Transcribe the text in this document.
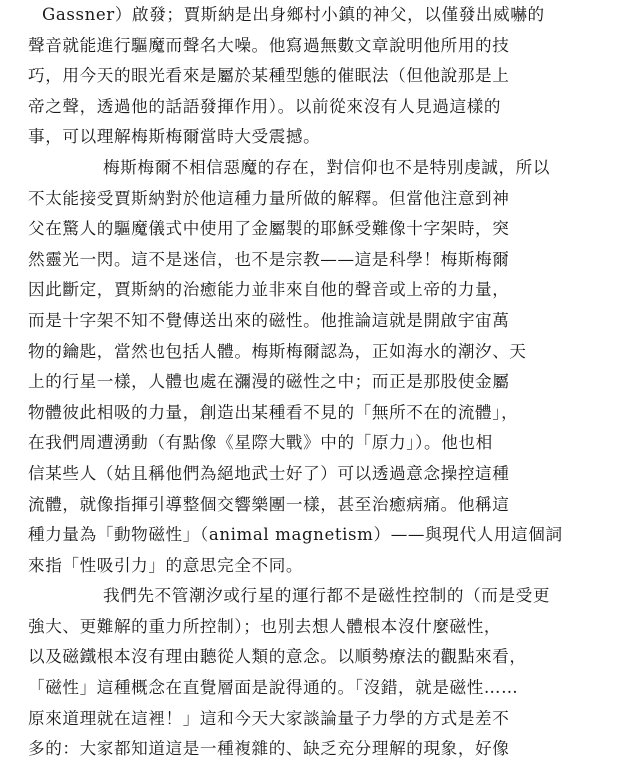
Gassner）啟發；賈斯納是出身鄉村小鎮的神父，以僅發出威嚇的
聲音就能進行驅魔而聲名大噪。他寫過無數文章說明他所用的技
巧，用今天的眼光看來是屬於某種型態的催眠法（但他說那是上
帝之聲，透過他的話語發揮作用）。以前從來沒有人見過這樣的
事，可以理解梅斯梅爾當時大受震撼。
梅斯梅爾不相信惡魔的存在，對信仰也不是特別虔誠，所以
不太能接受賈斯納對於他這種力量所做的解釋。但當他注意到神
父在驚人的驅魔儀式中使用了金屬製的耶穌受難像十字架時，突
然靈光一閃。這不是迷信，也不是宗教——這是科學！梅斯梅爾
因此斷定，賈斯納的治癒能力並非來自他的聲音或上帝的力量，
而是十字架不知不覺傳送出來的磁性。他推論這就是開啟宇宙萬
物的鑰匙，當然也包括人體。梅斯梅爾認為，正如海水的潮汐、天
上的行星一樣，人體也處在瀰漫的磁性之中；而正是那股使金屬
物體彼此相吸的力量，創造出某種看不見的「無所不在的流體」，
在我們周遭湧動（有點像《星際大戰》中的「原力」）。他也相
信某些人（姑且稱他們為絕地武士好了）可以透過意念操控這種
流體，就像指揮引導整個交響樂團一樣，甚至治癒病痛。他稱這
種力量為「動物磁性」（animal magnetism）——與現代人用這個詞
來指「性吸引力」的意思完全不同。
我們先不管潮汐或行星的運行都不是磁性控制的（而是受更
強大、更難解的重力所控制）；也別去想人體根本沒什麼磁性，
以及磁鐵根本沒有理由聽從人類的意念。以順勢療法的觀點來看，
「磁性」這種概念在直覺層面是說得通的。「沒錯，就是磁性……
原來道理就在這裡！」這和今天大家談論量子力學的方式是差不
多的：大家都知道這是一種複雜的、缺乏充分理解的現象，好像
